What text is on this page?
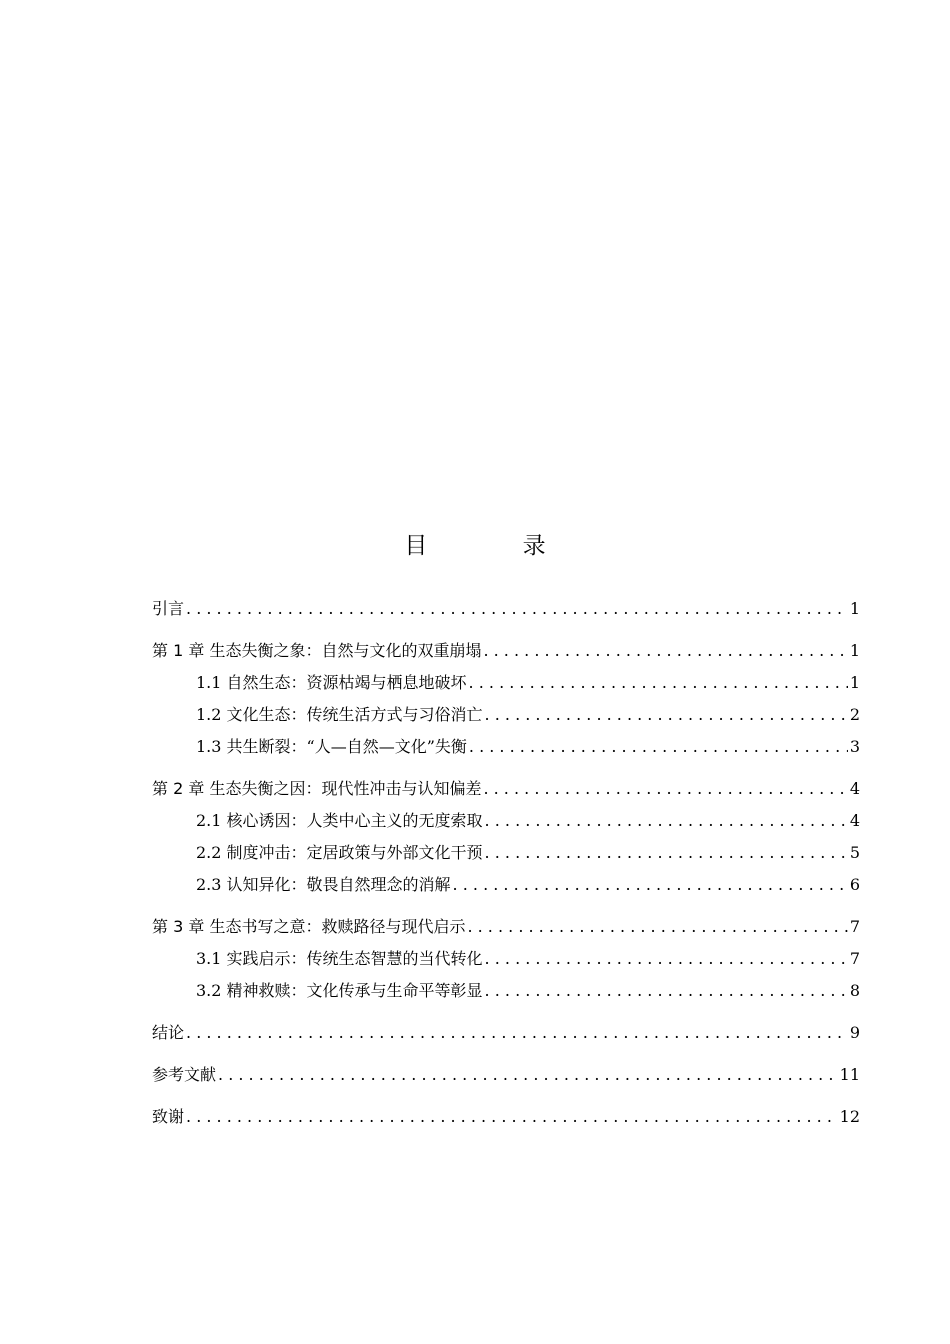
目 录
引言 . . .	1
第 1 章 生态失衡之象：自然与文化的双重崩塌 . . .	1
1.1 自然生态：资源枯竭与栖息地破坏 . . .	1
1.2 文化生态：传统生活方式与习俗消亡 . . .	2
1.3 共生断裂：“人—自然—文化”失衡 . . .	3
第 2 章 生态失衡之因：现代性冲击与认知偏差 . . .	4
2.1 核心诱因：人类中心主义的无度索取 . . .	4
2.2 制度冲击：定居政策与外部文化干预 . . .	5
2.3 认知异化：敬畏自然理念的消解 . . .	6
第 3 章 生态书写之意：救赎路径与现代启示 . . .	7
3.1 实践启示：传统生态智慧的当代转化 . . .	7
3.2 精神救赎：文化传承与生命平等彰显 . . .	8
结论 . . .	9
参考文献 . . .	11
致谢 . . .	12
